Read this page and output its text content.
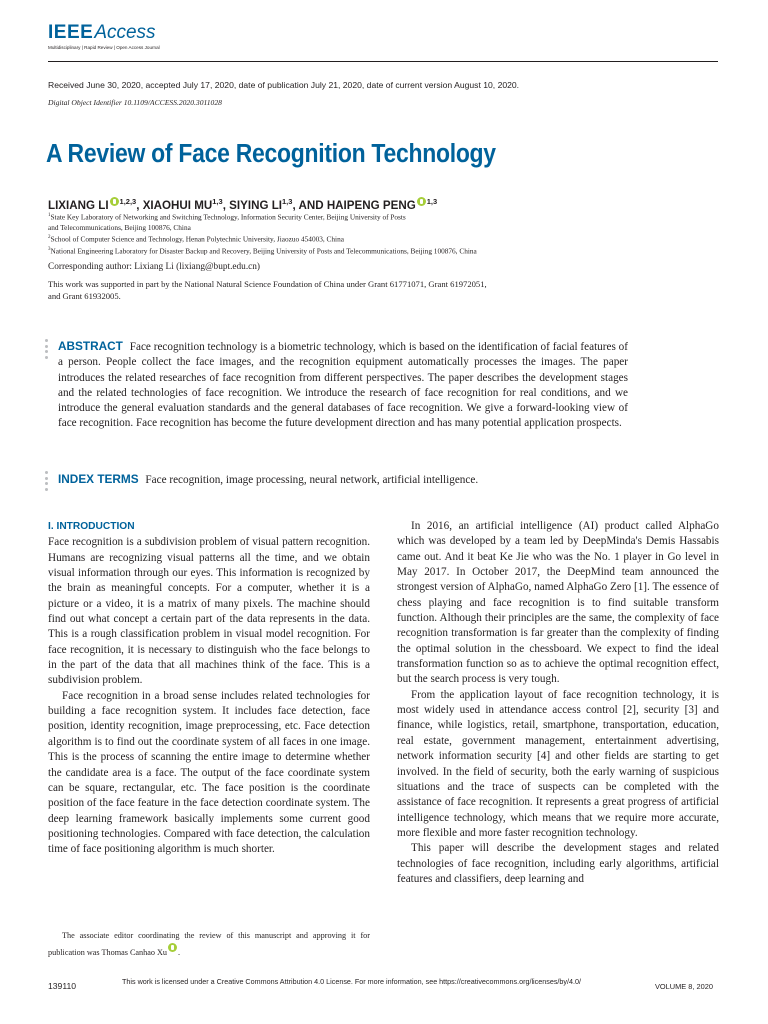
IEEE Access
Multidisciplinary | Rapid Review | Open Access Journal
Received June 30, 2020, accepted July 17, 2020, date of publication July 21, 2020, date of current version August 10, 2020.
Digital Object Identifier 10.1109/ACCESS.2020.3011028
A Review of Face Recognition Technology
LIXIANG LI $^{1,2,3}$, XIAOHUI MU$^{1,3}$, SIYING LI$^{1,3}$, AND HAIPENG PENG $^{1,3}$
$^1$State Key Laboratory of Networking and Switching Technology, Information Security Center, Beijing University of Posts
and Telecommunications, Beijing 100876, China
$^2$School of Computer Science and Technology, Henan Polytechnic University, Jiaozuo 454003, China
$^3$National Engineering Laboratory for Disaster Backup and Recovery, Beijing University of Posts and Telecommunications, Beijing 100876, China
Corresponding author: Lixiang Li (lixiang@bupt.edu.cn)
This work was supported in part by the National Natural Science Foundation of China under Grant 61771071, Grant 61972051,
and Grant 61932005.
ABSTRACT Face recognition technology is a biometric technology, which is based on the identification of facial features of a person. People collect the face images, and the recognition equipment automatically processes the images. The paper introduces the related researches of face recognition from different perspectives. The paper describes the development stages and the related technologies of face recognition. We introduce the research of face recognition for real conditions, and we introduce the general evaluation standards and the general databases of face recognition. We give a forward-looking view of face recognition. Face recognition has become the future development direction and has many potential application prospects.
INDEX TERMS Face recognition, image processing, neural network, artificial intelligence.
I. INTRODUCTION

Face recognition is a subdivision problem of visual pattern recognition. Humans are recognizing visual patterns all the time, and we obtain visual information through our eyes. This information is recognized by the brain as meaningful concepts. For a computer, whether it is a picture or a video, it is a matrix of many pixels. The machine should find out what concept a certain part of the data represents in the data. This is a rough classification problem in visual model recognition. For face recognition, it is necessary to distinguish who the face belongs to in the part of the data that all machines think of the face. This is a subdivision problem.

Face recognition in a broad sense includes related technologies for building a face recognition system. It includes face detection, face position, identity recognition, image preprocessing, etc. Face detection algorithm is to find out the coordinate system of all faces in one image. This is the process of scanning the entire image to determine whether the candidate area is a face. The output of the face coordinate system can be square, rectangular, etc. The face position is the coordinate position of the face feature in the face detection coordinate system. The deep learning framework basically implements some current good positioning technologies. Compared with face detection, the calculation time of face positioning algorithm is much shorter.

In 2016, an artificial intelligence (AI) product called AlphaGo which was developed by a team led by DeepMinda's Demis Hassabis came out. And it beat Ke Jie who was the No. 1 player in Go level in May 2017. In October 2017, the DeepMind team announced the strongest version of AlphaGo, named AlphaGo Zero [1]. The essence of chess playing and face recognition is to find suitable transform function. Although their principles are the same, the complexity of face recognition transformation is far greater than the complexity of finding the optimal solution in the chessboard. We expect to find the ideal transformation function so as to achieve the optimal recognition effect, but the search process is very tough.

From the application layout of face recognition technology, it is most widely used in attendance access control [2], security [3] and finance, while logistics, retail, smartphone, transportation, education, real estate, government management, entertainment advertising, network information security [4] and other fields are starting to get involved. In the field of security, both the early warning of suspicious situations and the trace of suspects can be completed with the assistance of face recognition. It represents a great progress of artificial intelligence technology, which means that we require more accurate, more flexible and more faster recognition technology.

This paper will describe the development stages and related technologies of face recognition, including early algorithms, artificial features and classifiers, deep learning and

The associate editor coordinating the review of this manuscript and approving it for publication was Thomas Canhao Xu .
139110	This work is licensed under a Creative Commons Attribution 4.0 License. For more information, see https://creativecommons.org/licenses/by/4.0/
VOLUME 8, 2020
